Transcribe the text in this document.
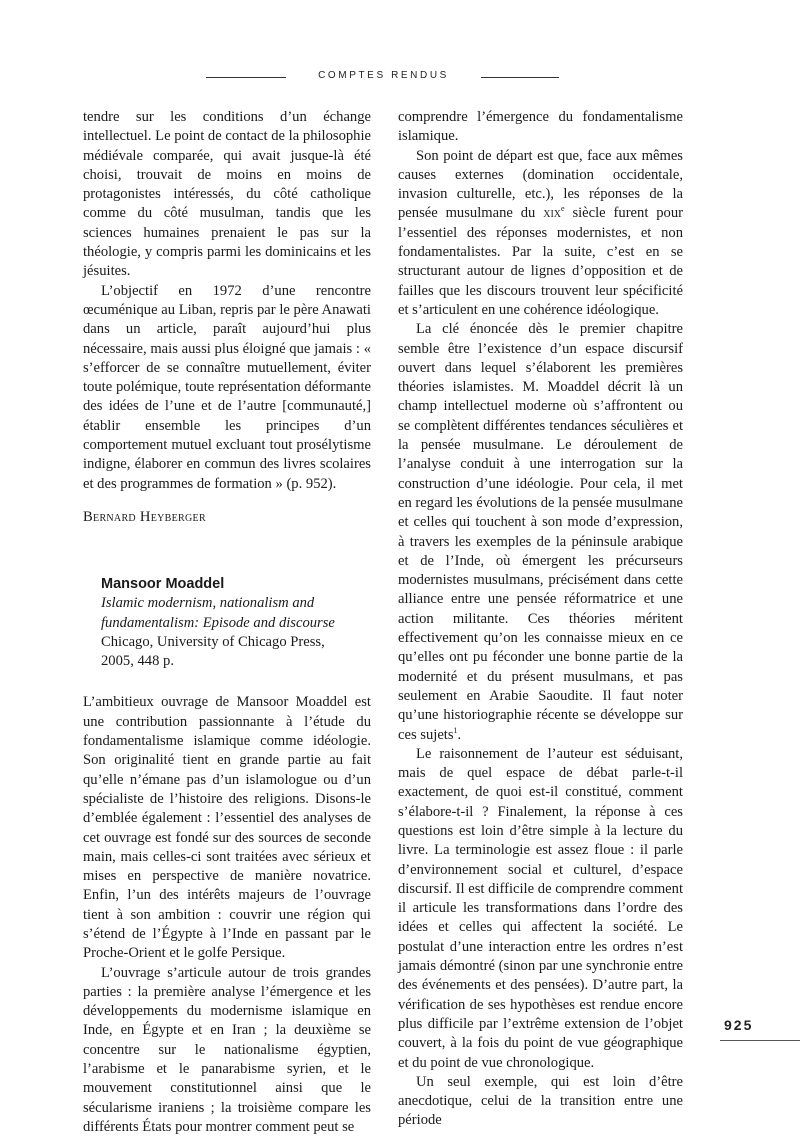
COMPTES RENDUS

tendre sur les conditions d’un échange intellectuel. Le point de contact de la philosophie médiévale comparée, qui avait jusque-là été choisi, trouvait de moins en moins de protagonistes intéressés, du côté catholique comme du côté musulman, tandis que les sciences humaines prenaient le pas sur la théologie, y compris parmi les dominicains et les jésuites.

L’objectif en 1972 d’une rencontre œcuménique au Liban, repris par le père Anawati dans un article, paraît aujourd’hui plus nécessaire, mais aussi plus éloigné que jamais : « s’efforcer de se connaître mutuellement, éviter toute polémique, toute représentation déformante des idées de l’une et de l’autre [communauté,] établir ensemble les principes d’un comportement mutuel excluant tout prosélytisme indigne, élaborer en commun des livres scolaires et des programmes de formation » (p. 952).

Bernard Heyberger

Mansoor Moaddel
Islamic modernism, nationalism and
fundamentalism: Episode and discourse
Chicago, University of Chicago Press,
2005, 448 p.

L’ambitieux ouvrage de Mansoor Moaddel est une contribution passionnante à l’étude du fondamentalisme islamique comme idéologie. Son originalité tient en grande partie au fait qu’elle n’émane pas d’un islamologue ou d’un spécialiste de l’histoire des religions. Disons-le d’emblée également : l’essentiel des analyses de cet ouvrage est fondé sur des sources de seconde main, mais celles-ci sont traitées avec sérieux et mises en perspective de manière novatrice. Enfin, l’un des intérêts majeurs de l’ouvrage tient à son ambition : couvrir une région qui s’étend de l’Égypte à l’Inde en passant par le Proche-Orient et le golfe Persique.

L’ouvrage s’articule autour de trois grandes parties : la première analyse l’émergence et les développements du modernisme islamique en Inde, en Égypte et en Iran ; la deuxième se concentre sur le nationalisme égyptien, l’arabisme et le panarabisme syrien, et le mouvement constitutionnel ainsi que le sécularisme iraniens ; la troisième compare les différents États pour montrer comment peut se

comprendre l’émergence du fondamentalisme islamique.

Son point de départ est que, face aux mêmes causes externes (domination occidentale, invasion culturelle, etc.), les réponses de la pensée musulmane du xix$^e$ siècle furent pour l’essentiel des réponses modernistes, et non fondamentalistes. Par la suite, c’est en se structurant autour de lignes d’opposition et de failles que les discours trouvent leur spécificité et s’articulent en une cohérence idéologique.

La clé énoncée dès le premier chapitre semble être l’existence d’un espace discursif ouvert dans lequel s’élaborent les premières théories islamistes. M. Moaddel décrit là un champ intellectuel moderne où s’affrontent ou se complètent différentes tendances séculières et la pensée musulmane. Le déroulement de l’analyse conduit à une interrogation sur la construction d’une idéologie. Pour cela, il met en regard les évolutions de la pensée musulmane et celles qui touchent à son mode d’expression, à travers les exemples de la péninsule arabique et de l’Inde, où émergent les précurseurs modernistes musulmans, précisément dans cette alliance entre une pensée réformatrice et une action militante. Ces théories méritent effectivement qu’on les connaisse mieux en ce qu’elles ont pu féconder une bonne partie de la modernité et du présent musulmans, et pas seulement en Arabie Saoudite. Il faut noter qu’une historiographie récente se développe sur ces sujets$^1$.

Le raisonnement de l’auteur est séduisant, mais de quel espace de débat parle-t-il exactement, de quoi est-il constitué, comment s’élabore-t-il ? Finalement, la réponse à ces questions est loin d’être simple à la lecture du livre. La terminologie est assez floue : il parle d’environnement social et culturel, d’espace discursif. Il est difficile de comprendre comment il articule les transformations dans l’ordre des idées et celles qui affectent la société. Le postulat d’une interaction entre les ordres n’est jamais démontré (sinon par une synchronie entre des événements et des pensées). D’autre part, la vérification de ses hypothèses est rendue encore plus difficile par l’extrême extension de l’objet couvert, à la fois du point de vue géographique et du point de vue chronologique.

Un seul exemple, qui est loin d’être anecdotique, celui de la transition entre une période

925
